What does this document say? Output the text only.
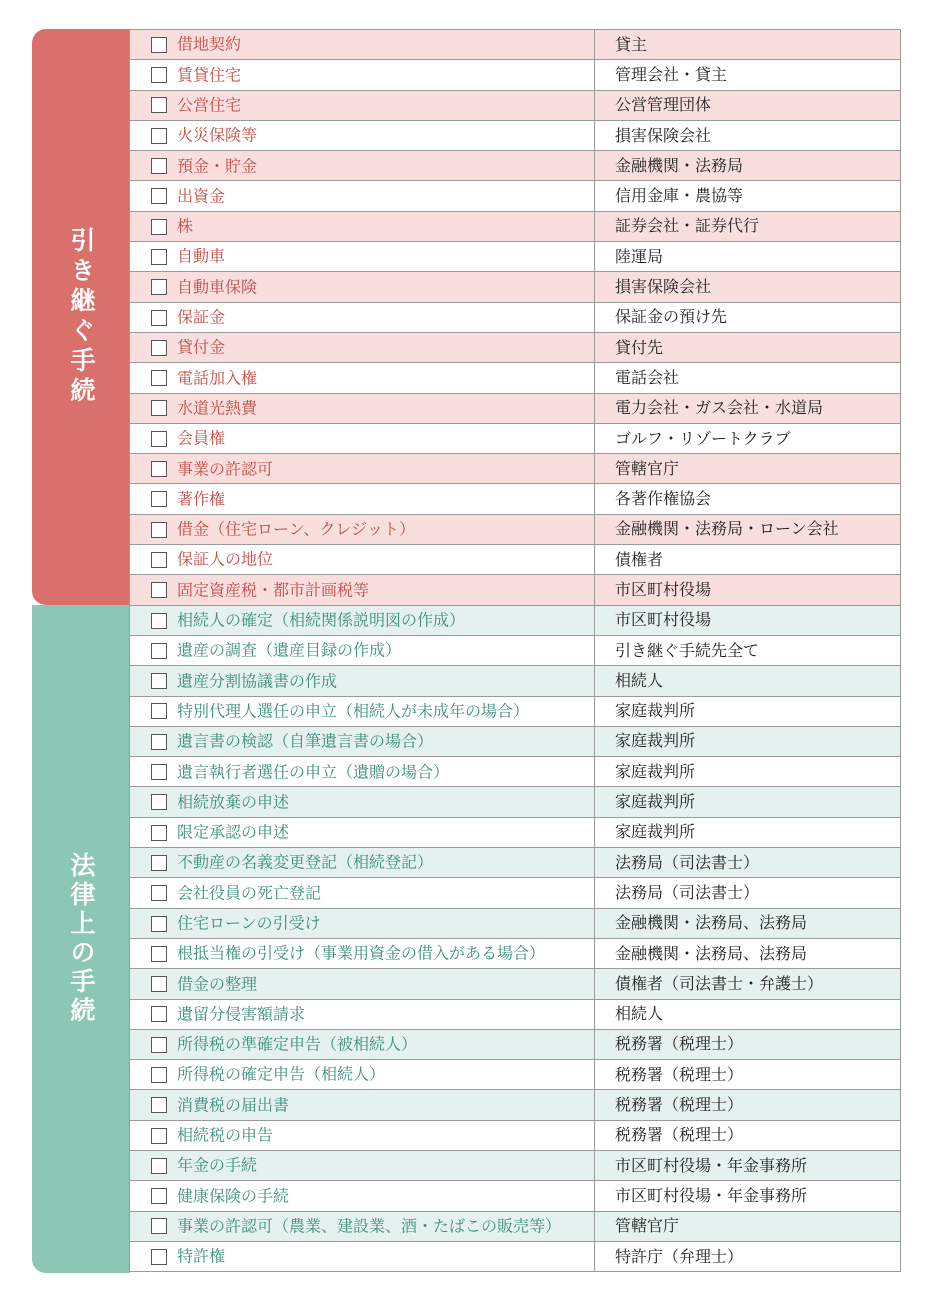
引き継ぐ手続
法律上の手続
借地契約	貸主
賃貸住宅	管理会社・貸主
公営住宅	公営管理団体
火災保険等	損害保険会社
預金・貯金	金融機関・法務局
出資金	信用金庫・農協等
株	証券会社・証券代行
自動車	陸運局
自動車保険	損害保険会社
保証金	保証金の預け先
貸付金	貸付先
電話加入権	電話会社
水道光熱費	電力会社・ガス会社・水道局
会員権	ゴルフ・リゾートクラブ
事業の許認可	管轄官庁
著作権	各著作権協会
借金（住宅ローン、クレジット）	金融機関・法務局・ローン会社
保証人の地位	債権者
固定資産税・都市計画税等	市区町村役場
相続人の確定（相続関係説明図の作成）	市区町村役場
遺産の調査（遺産目録の作成）	引き継ぐ手続先全て
遺産分割協議書の作成	相続人
特別代理人選任の申立（相続人が未成年の場合）	家庭裁判所
遺言書の検認（自筆遺言書の場合）	家庭裁判所
遺言執行者選任の申立（遺贈の場合）	家庭裁判所
相続放棄の申述	家庭裁判所
限定承認の申述	家庭裁判所
不動産の名義変更登記（相続登記）	法務局（司法書士）
会社役員の死亡登記	法務局（司法書士）
住宅ローンの引受け	金融機関・法務局、法務局
根抵当権の引受け（事業用資金の借入がある場合）	金融機関・法務局、法務局
借金の整理	債権者（司法書士・弁護士）
遺留分侵害額請求	相続人
所得税の準確定申告（被相続人）	税務署（税理士）
所得税の確定申告（相続人）	税務署（税理士）
消費税の届出書	税務署（税理士）
相続税の申告	税務署（税理士）
年金の手続	市区町村役場・年金事務所
健康保険の手続	市区町村役場・年金事務所
事業の許認可（農業、建設業、酒・たばこの販売等）	管轄官庁
特許権	特許庁（弁理士）
